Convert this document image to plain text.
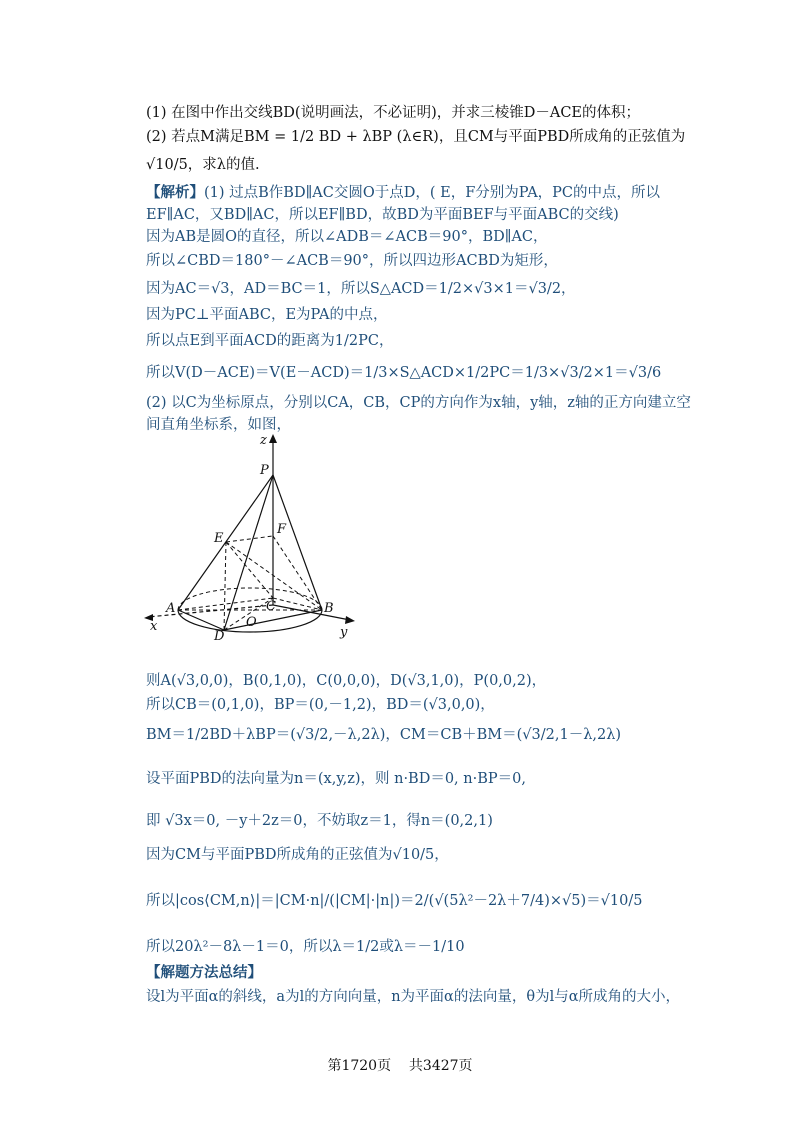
(1) 在图中作出交线BD(说明画法，不必证明)，并求三棱锥D－ACE的体积；
(2) 若点M满足BM = 1/2 BD + λBP (λ∈R)，且CM与平面PBD所成角的正弦值为
√10/5，求λ的值.
【解析】(1) 过点B作BD∥AC交圆O于点D，( E，F分别为PA，PC的中点，所以
EF∥AC，又BD∥AC，所以EF∥BD，故BD为平面BEF与平面ABC的交线)
因为AB是圆O的直径，所以∠ADB＝∠ACB＝90°，BD∥AC，
所以∠CBD＝180°－∠ACB＝90°，所以四边形ACBD为矩形，
因为AC＝√3，AD＝BC＝1，所以S△ACD＝1/2×√3×1＝√3/2，
因为PC⊥平面ABC，E为PA的中点，
所以点E到平面ACD的距离为1/2PC，
所以V(D－ACE)＝V(E－ACD)＝1/3×S△ACD×1/2PC＝1/3×√3/2×1＝√3/6
(2) 以C为坐标原点，分别以CA，CB，CP的方向作为x轴，y轴，z轴的正方向建立空
间直角坐标系，如图，
z
P
F
E
C
A	B
O
D
x	y
则A(√3,0,0)，B(0,1,0)，C(0,0,0)，D(√3,1,0)，P(0,0,2)，
所以CB＝(0,1,0)，BP＝(0,－1,2)，BD＝(√3,0,0)，
BM＝1/2BD＋λBP＝(√3/2,－λ,2λ)，CM＝CB＋BM＝(√3/2,1－λ,2λ)
设平面PBD的法向量为n＝(x,y,z)，则 n·BD＝0, n·BP＝0,
即 √3x＝0, －y＋2z＝0，不妨取z＝1，得n＝(0,2,1)
因为CM与平面PBD所成角的正弦值为√10/5，
所以|cos⟨CM,n⟩|＝|CM·n|/(|CM|·|n|)＝2/(√(5λ²－2λ＋7/4)×√5)＝√10/5
所以20λ²－8λ－1＝0，所以λ＝1/2或λ＝－1/10
【解题方法总结】
设l为平面α的斜线，a为l的方向向量，n为平面α的法向量，θ为l与α所成角的大小，
第1720页 共3427页
